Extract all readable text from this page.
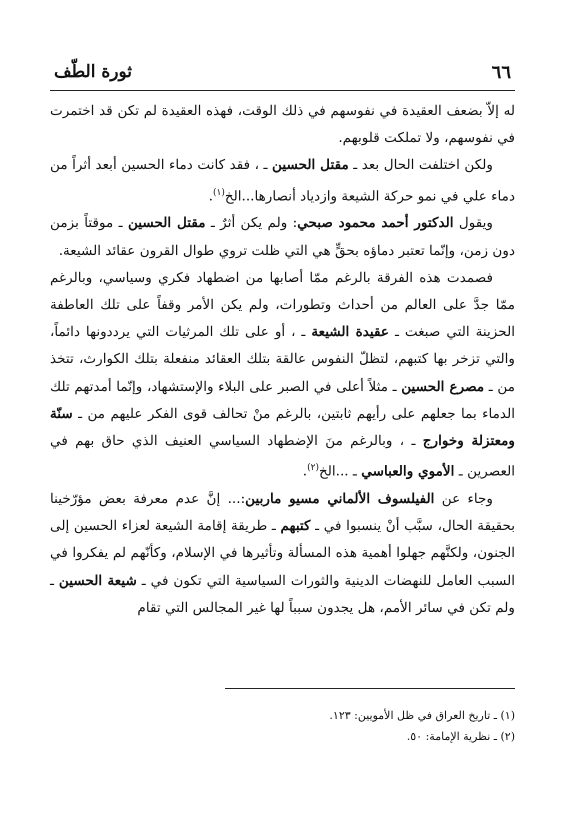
٦٦
ثورة الطّف

له إلاّ بضعف العقيدة في نفوسهم في ذلك الوقت، فهذه العقيدة لم تكن قد اختمرت في نفوسهم، ولا تملكت قلوبهم.

ولكن اختلفت الحال بعد ـ مقتل الحسين ـ ، فقد كانت دماء الحسين أبعد أثراً من دماء علي في نمو حركة الشيعة وازدياد أنصارها...الخ$^{(١)}$.

ويقول الدكتور أحمد محمود صبحي: ولم يكن أثرٌ ـ مقتل الحسين ـ موقتاً بزمن دون زمن، وإنّما تعتبر دماؤه بحقٍّ هي التي ظلت تروي طوال القرون عقائد الشيعة.

فصمدت هذه الفرقة بالرغم ممّا أصابها من اضطهاد فكري وسياسي، وبالرغم ممّا جدَّ على العالم من أحداث وتطورات، ولم يكن الأمر وقفاً على تلك العاطفة الحزينة التي صبغت ـ عقيدة الشيعة ـ ، أو على تلك المرثيات التي يرددونها دائماً، والتي تزخر بها كتبهم، لتظلّ النفوس عالقة بتلك العقائد منفعلة بتلك الكوارث، تتخذ من ـ مصرع الحسين ـ مثلاً أعلى في الصبر على البلاء والإستشهاد، وإنّما أمدتهم تلك الدماء بما جعلهم على رأيهم ثابتين، بالرغم منْ تحالف قوى الفكر عليهم من ـ سنّة ومعتزلة وخوارج ـ ، وبالرغم منَ الإضطهاد السياسي العنيف الذي حاق بهم في العصرين ـ الأموي والعباسي ـ ...الخ$^{(٢)}$.

وجاء عن الفيلسوف الألماني مسيو ماربين:... إنَّ عدم معرفة بعض مؤرّخينا بحقيقة الحال، سبَّب أنْ ينسبوا في ـ كتبهم ـ طريقة إقامة الشيعة لعزاء الحسين إلى الجنون، ولكنَّهم جهلوا أهمية هذه المسألة وتأثيرها في الإسلام، وكأنّهم لم يفكروا في السبب العامل للنهضات الدينية والثورات السياسية التي تكون في ـ شيعة الحسين ـ ولم تكن في سائر الأمم، هل يجدون سبباً لها غير المجالس التي تقام

(١) ـ تاريخ العراق في ظل الأمويين: ١٢٣.

(٢) ـ نظرية الإمامة: ٥٠.
